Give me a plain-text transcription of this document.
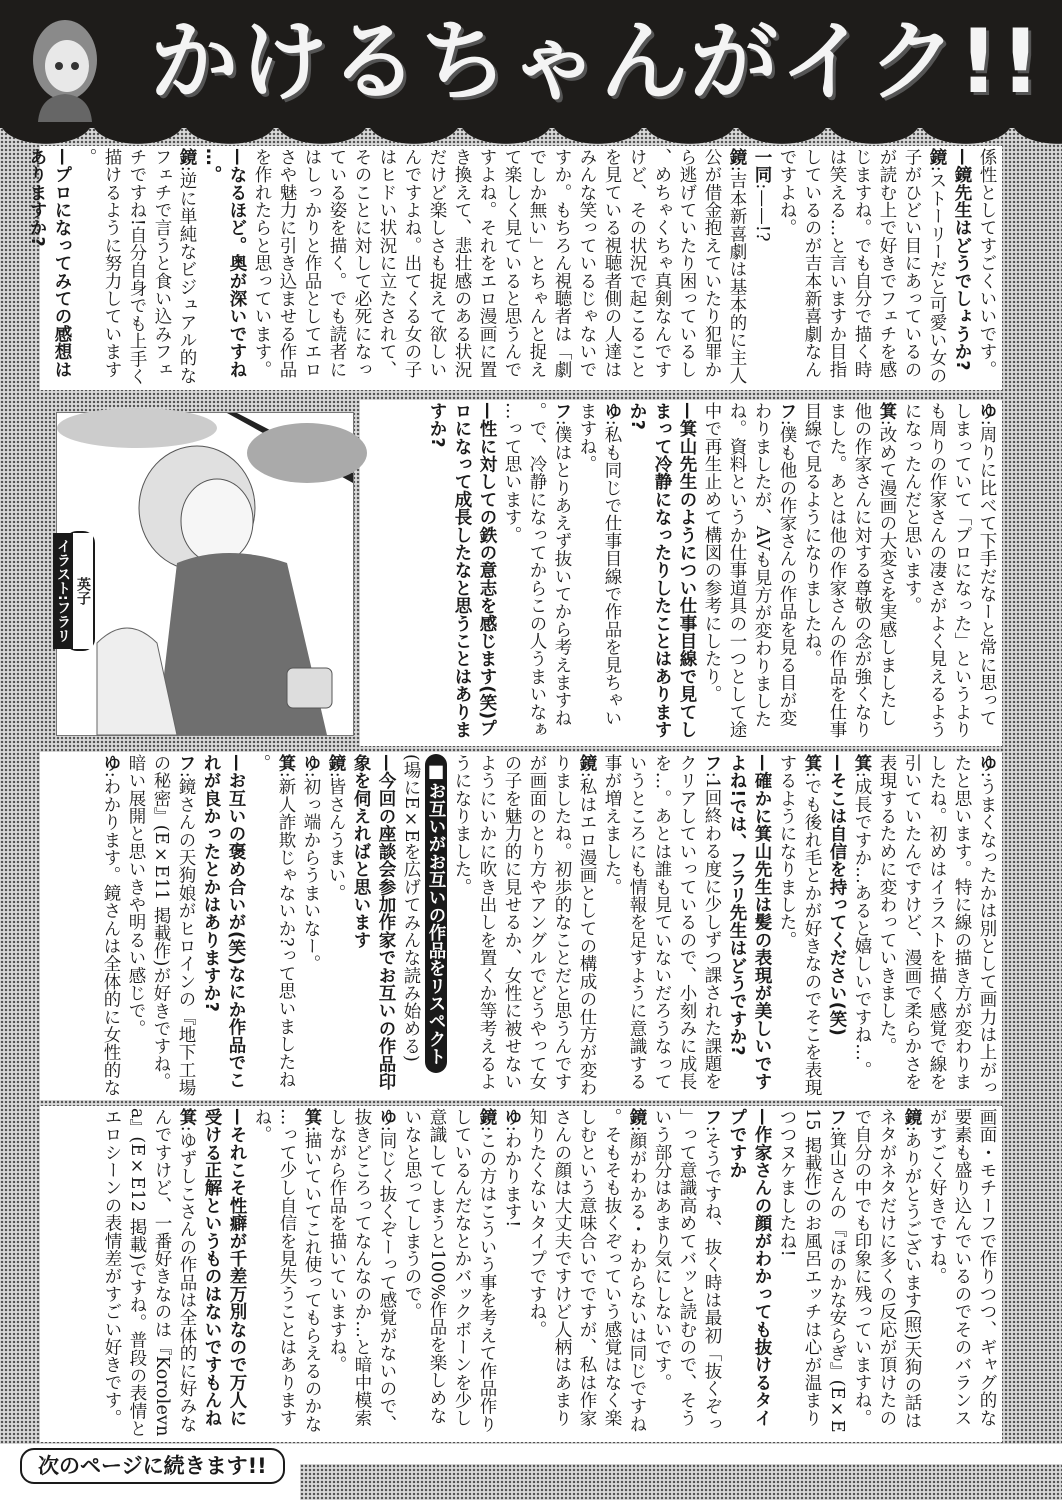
かけるちゃんがイク!!
係性としてすごくいいです。
—鏡先生はどうでしょうか?
鏡:ストーリーだと可愛い女の子がひどい目にあっているのが読む上で好きでフェチを感じますね。でも自分で描く時は笑える…と言いますか目指しているのが吉本新喜劇なんですよね。
一同:——!?
鏡:吉本新喜劇は基本的に主人公が借金抱えていたり犯罪から逃げていたり困っているし、めちゃくちゃ真剣なんですけど、その状況で起こることを見ている視聴者側の人達はみんな笑っているじゃないですか。もちろん視聴者は「劇でしか無い」とちゃんと捉えて楽しく見ていると思うんですよね。それをエロ漫画に置き換えて、悲壮感のある状況だけど楽しさも捉えて欲しいんですよね。出てくる女の子はヒドい状況に立たされて、そのことに対して必死になっている姿を描く。でも読者にはしっかりと作品としてエロさや魅力に引き込ませる作品を作れたらと思っています。
—なるほど。奥が深いですね…。
鏡:逆に単純なビジュアル的なフェチで言うと食い込みフェチですね!自分自身でも上手く描けるように努力しています。
—プロになってみての感想はありますか?
ゆ:周りに比べて下手だなーと常に思ってしまっていて「プロになった」というよりも周りの作家さんの凄さがよく見えるようになったんだと思います。
箕:改めて漫画の大変さを実感しましたし他の作家さんに対する尊敬の念が強くなりました。あとは他の作家さんの作品を仕事目線で見るようになりましたね。
フ:僕も他の作家さんの作品を見る目が変わりましたが、AVも見方が変わりましたね。資料というか仕事道具の一つとして途中で再生止めて構図の参考にしたり。
—箕山先生のようについ仕事目線で見てしまって冷静になったりしたことはありますか?
ゆ:私も同じで仕事目線で作品を見ちゃいますね。
フ:僕はとりあえず抜いてから考えますね。で、冷静になってからこの人うまいなぁ…って思います。
—性に対しての鉄の意志を感じます(笑)プロになって成長したなと思うことはありますか?
英子
イラスト:フラリ
ゆ:うまくなったかは別として画力は上がったと思います。特に線の描き方が変わりましたね。初めはイラストを描く感覚で線を引いていたんですけど、漫画で柔らかさを表現するために変わっていきました。
箕:成長ですか…あると嬉しいですね…。
—そこは自信を持ってください(笑)
箕:でも後れ毛とかが好きなのでそこを表現するようになりました。
—確かに箕山先生は髪の表現が美しいですよね!では、フラリ先生はどうですか?
フ:1回終わる度に少しずつ課された課題をクリアしていっているので、小刻みに成長を…。あとは誰も見ていないだろうなっていうところにも情報を足すように意識する事が増えました。
鏡:私はエロ漫画としての構成の仕方が変わりましたね。初歩的なことだと思うんですが画面のとり方やアングルでどうやって女の子を魅力的に見せるか、女性に被せないようにいかに吹き出しを置くか等考えるようになりました。
■お互いがお互いの作品をリスペクト
(場にE×Eを広げてみんな読み始める)
—今回の座談会参加作家でお互いの作品印象を伺えればと思います
鏡:皆さんうまい。
ゆ:初っ端からうまいなー。
箕:新人詐欺じゃないか?って思いましたね。
—お互いの褒め合いが(笑)なにか作品でこれが良かったとかはありますか?
フ:鏡さんの天狗娘がヒロインの『地下工場の秘密』(E×E11 掲載作)が好きですね。暗い展開と思いきや明るい感じで。
ゆ:わかります。鏡さんは全体的に女性的な
画面・モチーフで作りつつ、ギャグ的な要素も盛り込んでいるのでそのバランスがすごく好きですね。
鏡:ありがとうございます(照)天狗の話はネタがネタだけに多くの反応が頂けたので自分の中でも印象に残っていますね。
フ:箕山さんの『ほのかな安らぎ』(E×E15 掲載作)のお風呂エッチは心が温まりつつヌケましたね!
—作家さんの顔がわかっても抜けるタイプですか
フ:そうですね、抜く時は最初「抜くぞっ」って意識高めてバッと読むので、そういう部分はあまり気にしないです。
鏡:顔がわかる・わからないは同じですね。そもそも抜くぞっていう感覚はなく楽しむという意味合いでですが、私は作家さんの顔は大丈夫ですけど人柄はあまり知りたくないタイプですね。
ゆ:わかります!
鏡:この方はこういう事を考えて作品作りしているんだなとかバックボーンを少し意識してしまうと100%作品を楽しめないなと思ってしまうので。
ゆ:同じく抜くぞーって感覚がないので、抜きどころってなんなのか…と暗中模索しながら作品を描いていますね。
箕:描いていてこれ使ってもらえるのかな…って少し自信を見失うことはありますね。
—それこそ性癖が千差万別なので万人に受ける正解というものはないですもんね
箕:ゆずしこさんの作品は全体的に好みなんですけど、一番好きなのは『Korolevna』(E×E12 掲載)ですね。普段の表情とエロシーンの表情差がすごい好きです。
次のページに続きます!!
